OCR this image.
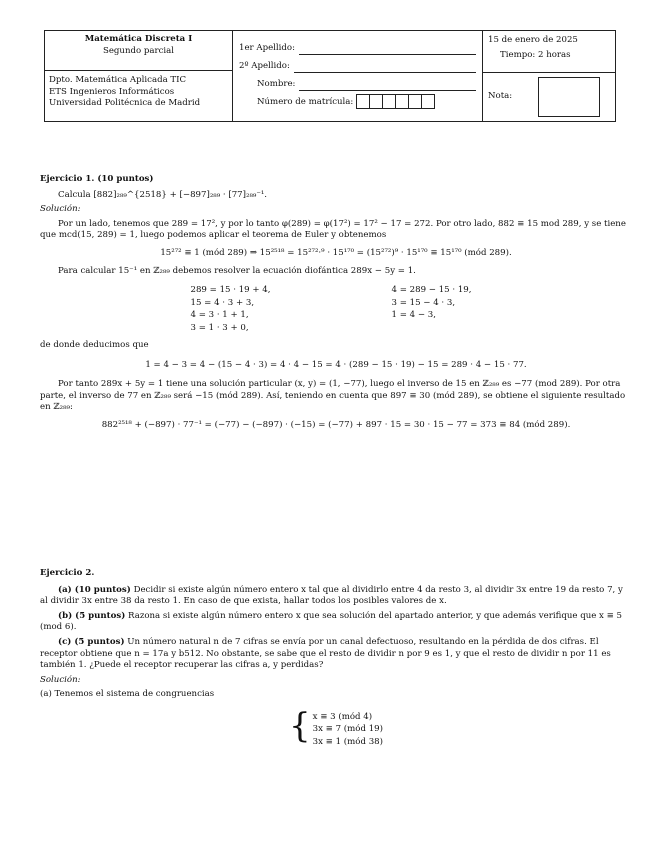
Matemática Discreta I
Segundo parcial
Dpto. Matemática Aplicada TIC
ETS Ingenieros Informáticos
Universidad Politécnica de Madrid
1er Apellido:
2º Apellido:
Nombre:
Número de matrícula:
15 de enero de 2025
Tiempo: 2 horas
Nota:

Ejercicio 1. (10 puntos)

Calcula [882]₂₈₉^{2518} + [−897]₂₈₉ · [77]₂₈₉⁻¹.

Solución:

Por un lado, tenemos que 289 = 17², y por lo tanto φ(289) = φ(17²) = 17² − 17 = 272. Por otro lado, 882 ≡ 15 mod 289, y se tiene que mcd(15, 289) = 1, luego podemos aplicar el teorema de Euler y obtenemos

15²⁷² ≡ 1 (mód 289) ⇒ 15²⁵¹⁸ = 15²⁷²·⁹ · 15¹⁷⁰ = (15²⁷²)⁹ · 15¹⁷⁰ ≡ 15¹⁷⁰ (mód 289).

Para calcular 15⁻¹ en ℤ₂₈₉ debemos resolver la ecuación diofántica 289x − 5y = 1.

289 = 15 · 19 + 4,
15 = 4 · 3 + 3,
4 = 3 · 1 + 1,
3 = 1 · 3 + 0,
4 = 289 − 15 · 19,
3 = 15 − 4 · 3,
1 = 4 − 3,

de donde deducimos que

1 = 4 − 3 = 4 − (15 − 4 · 3) = 4 · 4 − 15 = 4 · (289 − 15 · 19) − 15 = 289 · 4 − 15 · 77.

Por tanto 289x + 5y = 1 tiene una solución particular (x, y) = (1, −77), luego el inverso de 15 en ℤ₂₈₉ es −77 (mod 289). Por otra parte, el inverso de 77 en ℤ₂₈₉ será −15 (mód 289). Así, teniendo en cuenta que 897 ≡ 30 (mód 289), se obtiene el siguiente resultado en ℤ₂₈₉:

882²⁵¹⁸ + (−897) · 77⁻¹ = (−77) − (−897) · (−15) = (−77) + 897 · 15 = 30 · 15 − 77 = 373 ≡ 84 (mód 289).

Ejercicio 2.

(a) (10 puntos) Decidir si existe algún número entero x tal que al dividirlo entre 4 da resto 3, al dividir 3x entre 19 da resto 7, y al dividir 3x entre 38 da resto 1. En caso de que exista, hallar todos los posibles valores de x.

(b) (5 puntos) Razona si existe algún número entero x que sea solución del apartado anterior, y que además verifique que x ≡ 5 (mod 6).

(c) (5 puntos) Un número natural n de 7 cifras se envía por un canal defectuoso, resultando en la pérdida de dos cifras. El receptor obtiene que n = 17a y b512. No obstante, se sabe que el resto de dividir n por 9 es 1, y que el resto de dividir n por 11 es también 1. ¿Puede el receptor recuperar las cifras a, y perdidas?

Solución:

(a) Tenemos el sistema de congruencias

{ x ≡ 3 (mód 4)
3x ≡ 7 (mód 19)
3x ≡ 1 (mód 38)
